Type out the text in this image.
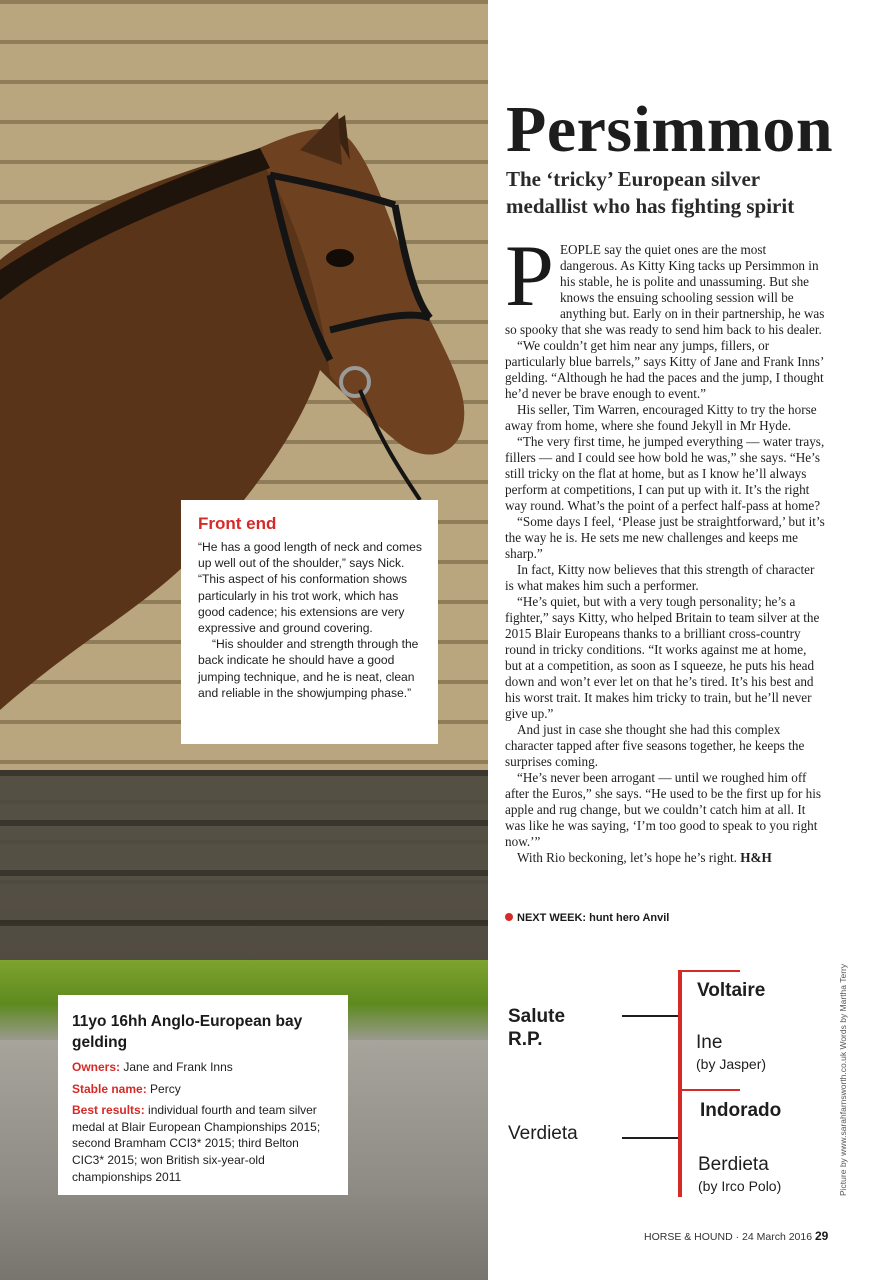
Front end

“He has a good length of neck and comes up well out of the shoulder,” says Nick. “This aspect of his conformation shows particularly in his trot work, which has good cadence; his extensions are very expressive and ground covering.

“His shoulder and strength through the back indicate he should have a good jumping technique, and he is neat, clean and reliable in the showjumping phase.”

11yo 16hh Anglo-European bay gelding

Owners: Jane and Frank Inns

Stable name: Percy

Best results: individual fourth and team silver medal at Blair European Championships 2015; second Bramham CCI3* 2015; third Belton CIC3* 2015; won British six-year-old championships 2011

Persimmon
The ‘tricky’ European silver medallist who has fighting spirit

PEOPLE say the quiet ones are the most dangerous. As Kitty King tacks up Persimmon in his stable, he is polite and unassuming. But she knows the ensuing schooling session will be anything but. Early on in their partnership, he was so spooky that she was ready to send him back to his dealer.

“We couldn’t get him near any jumps, fillers, or particularly blue barrels,” says Kitty of Jane and Frank Inns’ gelding. “Although he had the paces and the jump, I thought he’d never be brave enough to event.”

His seller, Tim Warren, encouraged Kitty to try the horse away from home, where she found Jekyll in Mr Hyde.

“The very first time, he jumped everything — water trays, fillers — and I could see how bold he was,” she says. “He’s still tricky on the flat at home, but as I know he’ll always perform at competitions, I can put up with it. It’s the right way round. What’s the point of a perfect half-pass at home?

“Some days I feel, ‘Please just be straightforward,’ but it’s the way he is. He sets me new challenges and keeps me sharp.”

In fact, Kitty now believes that this strength of character is what makes him such a performer.

“He’s quiet, but with a very tough personality; he’s a fighter,” says Kitty, who helped Britain to team silver at the 2015 Blair Europeans thanks to a brilliant cross-country round in tricky conditions. “It works against me at home, but at a competition, as soon as I squeeze, he puts his head down and won’t ever let on that he’s tired. It’s his best and his worst trait. It makes him tricky to train, but he’ll never give up.”

And just in case she thought she had this complex character tapped after five seasons together, he keeps the surprises coming.

“He’s never been arrogant — until we roughed him off after the Euros,” she says. “He used to be the first up for his apple and rug change, but we couldn’t catch him at all. It was like he was saying, ‘I’m too good to speak to you right now.’”

With Rio beckoning, let’s hope he’s right. H&H

NEXT WEEK: hunt hero Anvil
Salute R.P.
Verdieta
Voltaire
Ine
(by Jasper)
Indorado
Berdieta
(by Irco Polo)	Picture by www.sarahfarnsworth.co.uk Words by Martha Terry
HORSE & HOUND · 24 March 2016 29
